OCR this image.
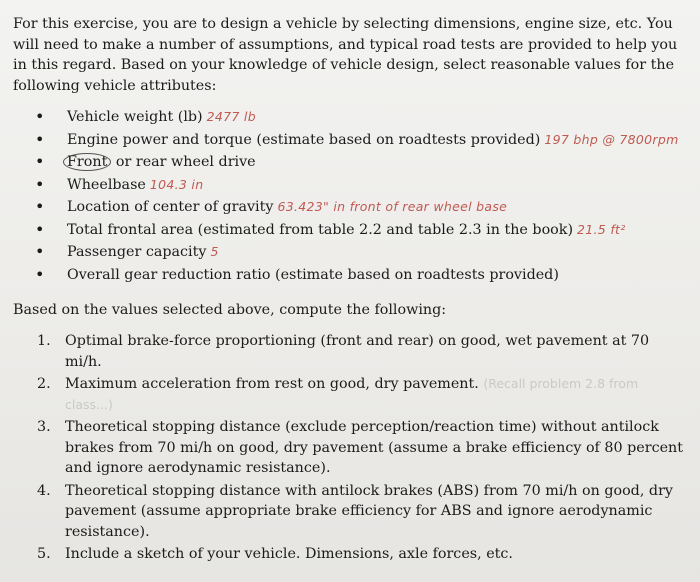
For this exercise, you are to design a vehicle by selecting dimensions, engine size, etc. You will need to make a number of assumptions, and typical road tests are provided to help you in this regard. Based on your knowledge of vehicle design, select reasonable values for the following vehicle attributes:

• Vehicle weight (lb) 2477 lb
• Engine power and torque (estimate based on roadtests provided) 197 bhp @ 7800rpm
• Front or rear wheel drive
• Wheelbase 104.3 in
• Location of center of gravity 63.423" in front of rear wheel base
• Total frontal area (estimated from table 2.2 and table 2.3 in the book) 21.5 ft²
• Passenger capacity 5
• Overall gear reduction ratio (estimate based on roadtests provided)

Based on the values selected above, compute the following:

1. Optimal brake-force proportioning (front and rear) on good, wet pavement at 70 mi/h.
2. Maximum acceleration from rest on good, dry pavement. (Recall problem 2.8 from class...)
3. Theoretical stopping distance (exclude perception/reaction time) without antilock brakes from 70 mi/h on good, dry pavement (assume a brake efficiency of 80 percent and ignore aerodynamic resistance).
4. Theoretical stopping distance with antilock brakes (ABS) from 70 mi/h on good, dry pavement (assume appropriate brake efficiency for ABS and ignore aerodynamic resistance).
5. Include a sketch of your vehicle. Dimensions, axle forces, etc.
